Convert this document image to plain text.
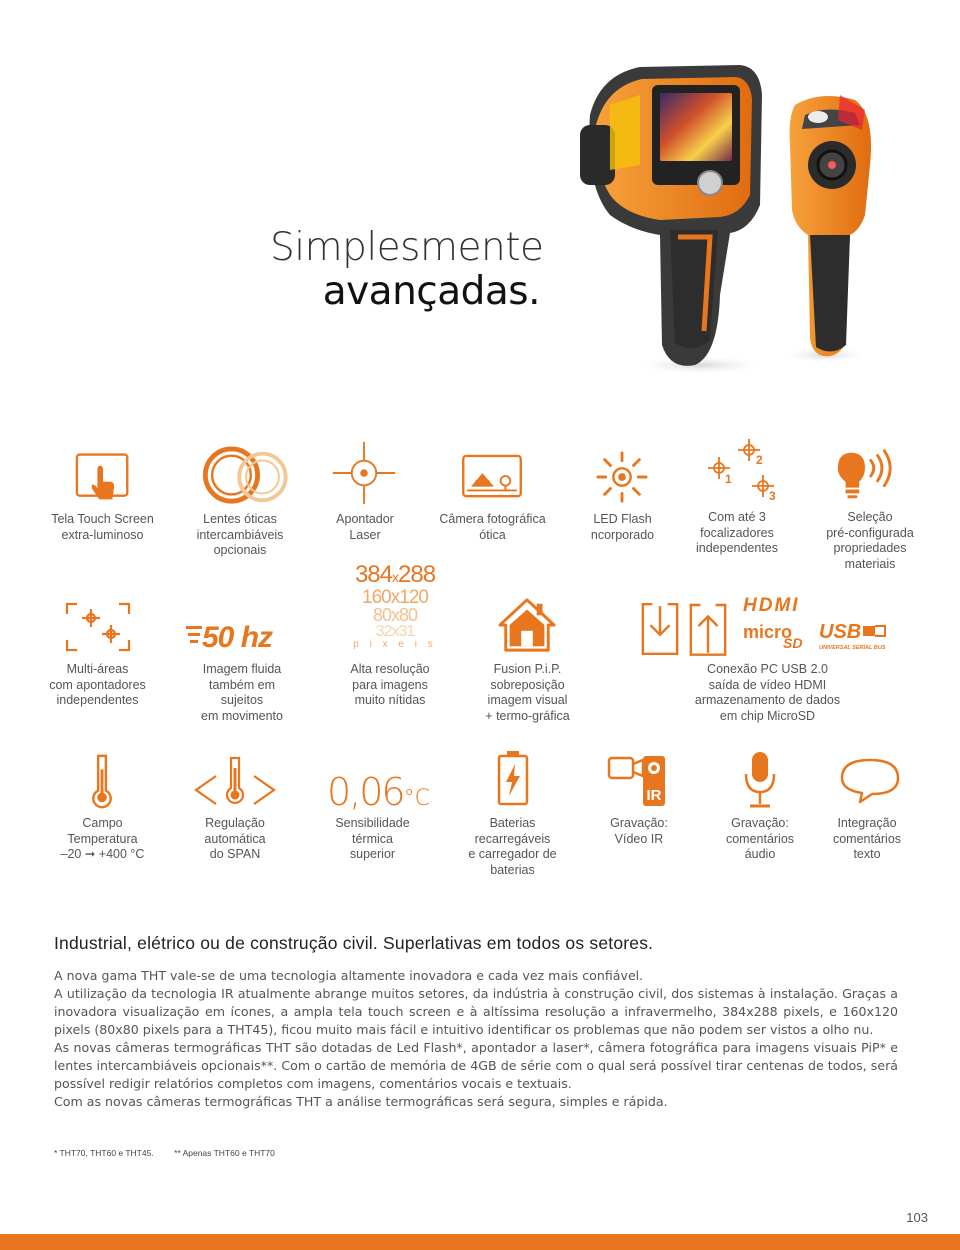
Simplesmente
avançadas.
Tela Touch Screen
extra-luminoso
Lentes óticas
intercambiáveis
opcionais
Apontador
Laser
Câmera fotográfica
ótica
LED Flash
ncorporado
2
1
3
Com até 3
focalizadores
independentes
Seleção
pré-configurada
propriedades
materiais
Multi-áreas
com apontadores
independentes
50 hz
Imagem fluida
também em
sujeitos
em movimento
384x288
160x120
80x80
32x31
p i x e i s
Alta resolução
para imagens
muito nítidas
Fusion P.i.P.
sobreposição
imagem visual
+ termo-gráfica
HDMI
micro
SD USB
UNIVERSAL SERIAL BUS
Conexão PC USB 2.0
saída de vídeo HDMI
armazenamento de dados
em chip MicroSD
Campo
Temperatura
–20 ➞ +400 °C
Regulação
automática
do SPAN
0,06°C
Sensibilidade
térmica
superior
Baterias
recarregáveis
e carregador de
baterias
IR
Gravação:
Vídeo IR
Gravação:
comentários
áudio
Integração
comentários
texto
Industrial, elétrico ou de construção civil. Superlativas em todos os setores.

A nova gama THT vale-se de uma tecnologia altamente inovadora e cada vez mais confiável.

A utilização da tecnologia IR atualmente abrange muitos setores, da indústria à construção civil, dos sistemas à instalação. Graças a inovadora visualização em ícones, a ampla tela touch screen e à altíssima resolução a infravermelho, 384x288 pixels, e 160x120 pixels (80x80 pixels para a THT45), ficou muito mais fácil e intuitivo identificar os problemas que não podem ser vistos a olho nu.

As novas câmeras termográficas THT são dotadas de Led Flash*, apontador a laser*, câmera fotográfica para imagens visuais PiP* e lentes intercambiáveis opcionais**. Com o cartão de memória de 4GB de série com o qual será possível tirar centenas de todos, será possível redigir relatórios completos com imagens, comentários vocais e textuais.

Com as novas câmeras termográficas THT a análise termográficas será segura, simples e rápida.

* THT70, THT60 e THT45. ** Apenas THT60 e THT70
103
